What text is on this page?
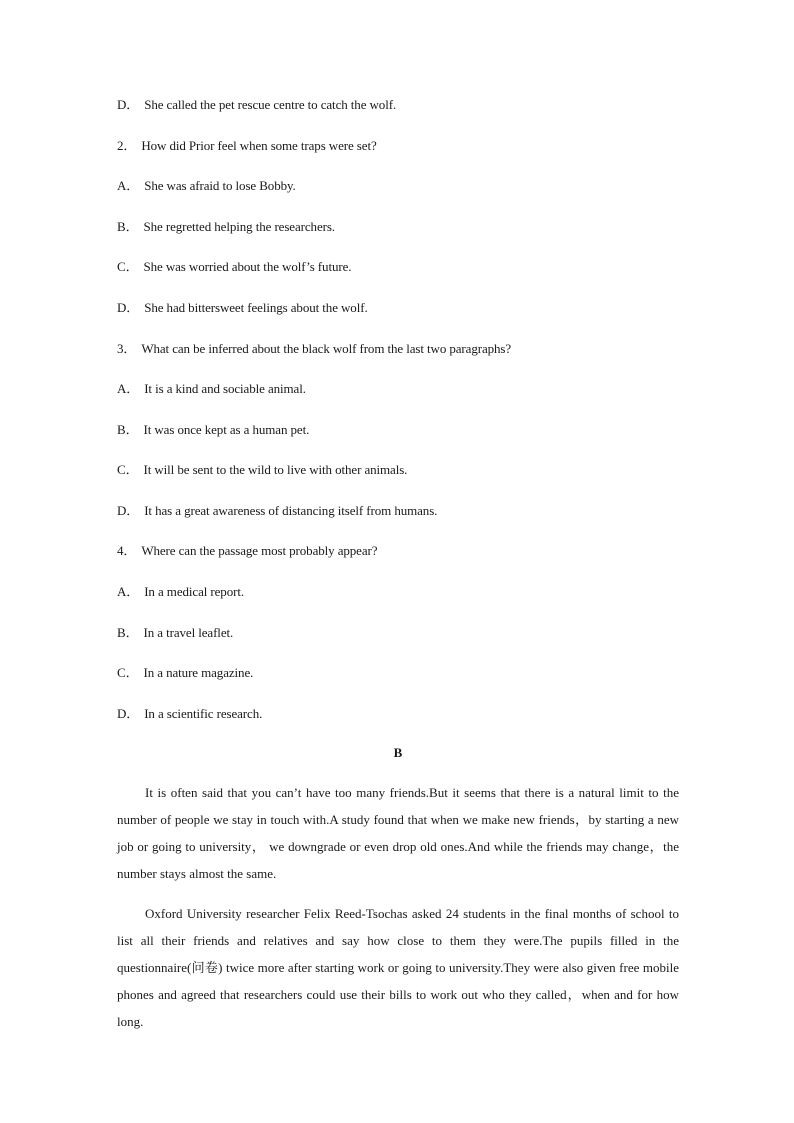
D． She called the pet rescue centre to catch the wolf.
2． How did Prior feel when some traps were set?
A． She was afraid to lose Bobby.
B． She regretted helping the researchers.
C． She was worried about the wolf’s future.
D． She had bittersweet feelings about the wolf.
3． What can be inferred about the black wolf from the last two paragraphs?
A． It is a kind and sociable animal.
B． It was once kept as a human pet.
C． It will be sent to the wild to live with other animals.
D． It has a great awareness of distancing itself from humans.
4． Where can the passage most probably appear?
A． In a medical report.
B． In a travel leaflet.
C． In a nature magazine.
D． In a scientific research.
B
It is often said that you can’t have too many friends.But it seems that there is a natural limit to the number of people we stay in touch with.A study found that when we make new friends，by starting a new job or going to university， we downgrade or even drop old ones.And while the friends may change，the number stays almost the same.
Oxford University researcher Felix Reed-Tsochas asked 24 students in the final months of school to list all their friends and relatives and say how close to them they were.The pupils filled in the questionnaire(问卷) twice more after starting work or going to university.They were also given free mobile phones and agreed that researchers could use their bills to work out who they called，when and for how long.
